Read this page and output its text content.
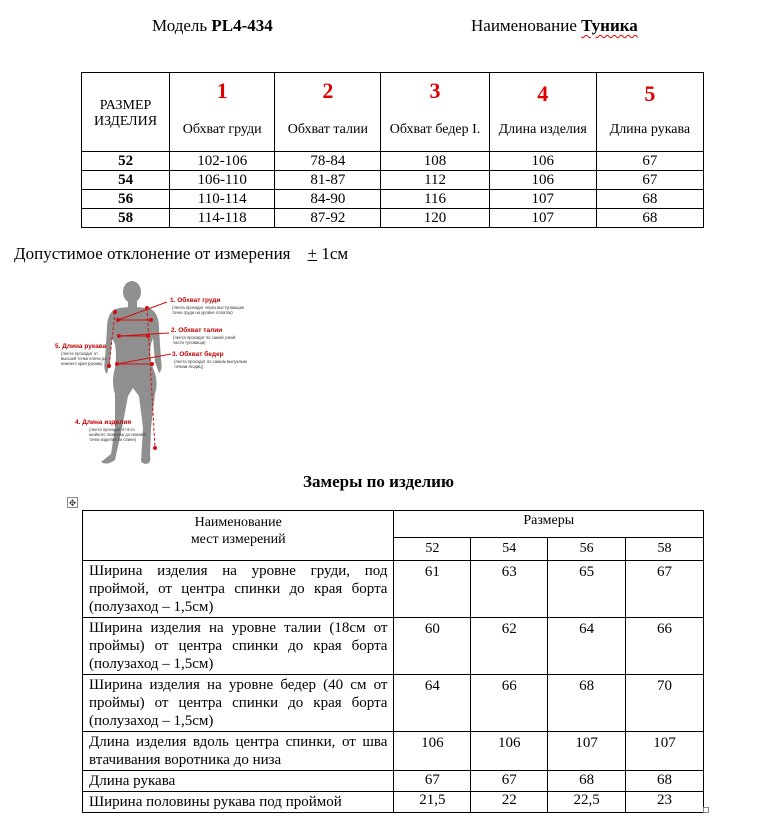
Модель PL4-434	Наименование Туника
РАЗМЕР
ИЗДЕЛИЯ	1	2	3	4	5
	Обхват груди	Обхват талии	Обхват бедер I.	Длина изделия	Длина рукава
52	102-106	78-84	108	106	67
54	106-110	81-87	112	106	67
56	110-114	84-90	116	107	68
58	114-118	87-92	120	107	68
Допустимое отклонение от измерения + 1см
1. Обхват груди
(лента проходит через выступающие
точки груди на уровне лопаток)
2. Обхват талии
(лента проходит по самой узкой
части туловища)
3. Обхват бедер
(лента проходит по самым выпуклым
точкам ягодиц)
4. Длина изделия
(лента проходит от 6-го
шейного позвонка до нижней
точки изделия по спине)
5. Длина рукава
(лента проходит от
высшей точки плеча до
нижнего края рукава)
Замеры по изделию
✥
Наименование
мест измерений	Размеры			
	52	54	56	58
Ширина изделия на уровне груди, под проймой, от центра спинки до края борта (полузаход – 1,5см)	61	63	65	67
Ширина изделия на уровне талии (18см от проймы) от центра спинки до края борта (полузаход – 1,5см)	60	62	64	66
Ширина изделия на уровне бедер (40 см от проймы) от центра спинки до края борта (полузаход – 1,5см)	64	66	68	70
Длина изделия вдоль центра спинки, от шва втачивания воротника до низа	106	106	107	107
Длина рукава	67	67	68	68
Ширина половины рукава под проймой	21,5	22	22,5	23
